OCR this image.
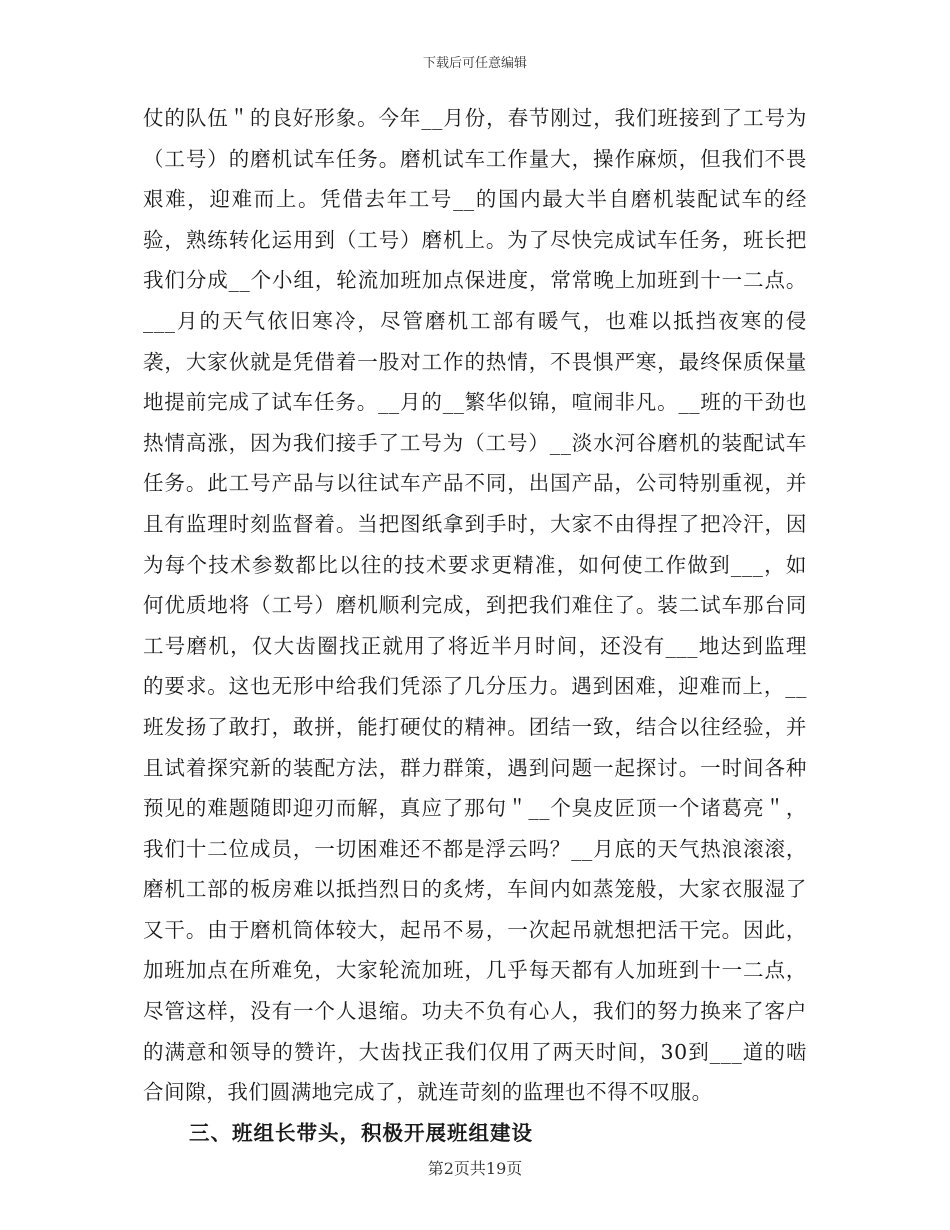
下载后可任意编辑

仗的队伍＂的良好形象。今年__月份，春节刚过，我们班接到了工号为（工号）的磨机试车任务。磨机试车工作量大，操作麻烦，但我们不畏艰难，迎难而上。凭借去年工号__的国内最大半自磨机装配试车的经验，熟练转化运用到（工号）磨机上。为了尽快完成试车任务，班长把我们分成__个小组，轮流加班加点保进度，常常晚上加班到十一二点。___月的天气依旧寒冷，尽管磨机工部有暖气，也难以抵挡夜寒的侵袭，大家伙就是凭借着一股对工作的热情，不畏惧严寒，最终保质保量地提前完成了试车任务。__月的__繁华似锦，喧闹非凡。__班的干劲也热情高涨，因为我们接手了工号为（工号）__淡水河谷磨机的装配试车任务。此工号产品与以往试车产品不同，出国产品，公司特别重视，并且有监理时刻监督着。当把图纸拿到手时，大家不由得捏了把冷汗，因为每个技术参数都比以往的技术要求更精准，如何使工作做到___，如何优质地将（工号）磨机顺利完成，到把我们难住了。装二试车那台同工号磨机，仅大齿圈找正就用了将近半月时间，还没有___地达到监理的要求。这也无形中给我们凭添了几分压力。遇到困难，迎难而上，__班发扬了敢打，敢拼，能打硬仗的精神。团结一致，结合以往经验，并且试着探究新的装配方法，群力群策，遇到问题一起探讨。一时间各种预见的难题随即迎刃而解，真应了那句＂__个臭皮匠顶一个诸葛亮＂，我们十二位成员，一切困难还不都是浮云吗？__月底的天气热浪滚滚，磨机工部的板房难以抵挡烈日的炙烤，车间内如蒸笼般，大家衣服湿了又干。由于磨机筒体较大，起吊不易，一次起吊就想把活干完。因此，加班加点在所难免，大家轮流加班，几乎每天都有人加班到十一二点，尽管这样，没有一个人退缩。功夫不负有心人，我们的努力换来了客户的满意和领导的赞许，大齿找正我们仅用了两天时间，30到___道的啮合间隙，我们圆满地完成了，就连苛刻的监理也不得不叹服。

三、班组长带头，积极开展班组建设

第2页共19页
